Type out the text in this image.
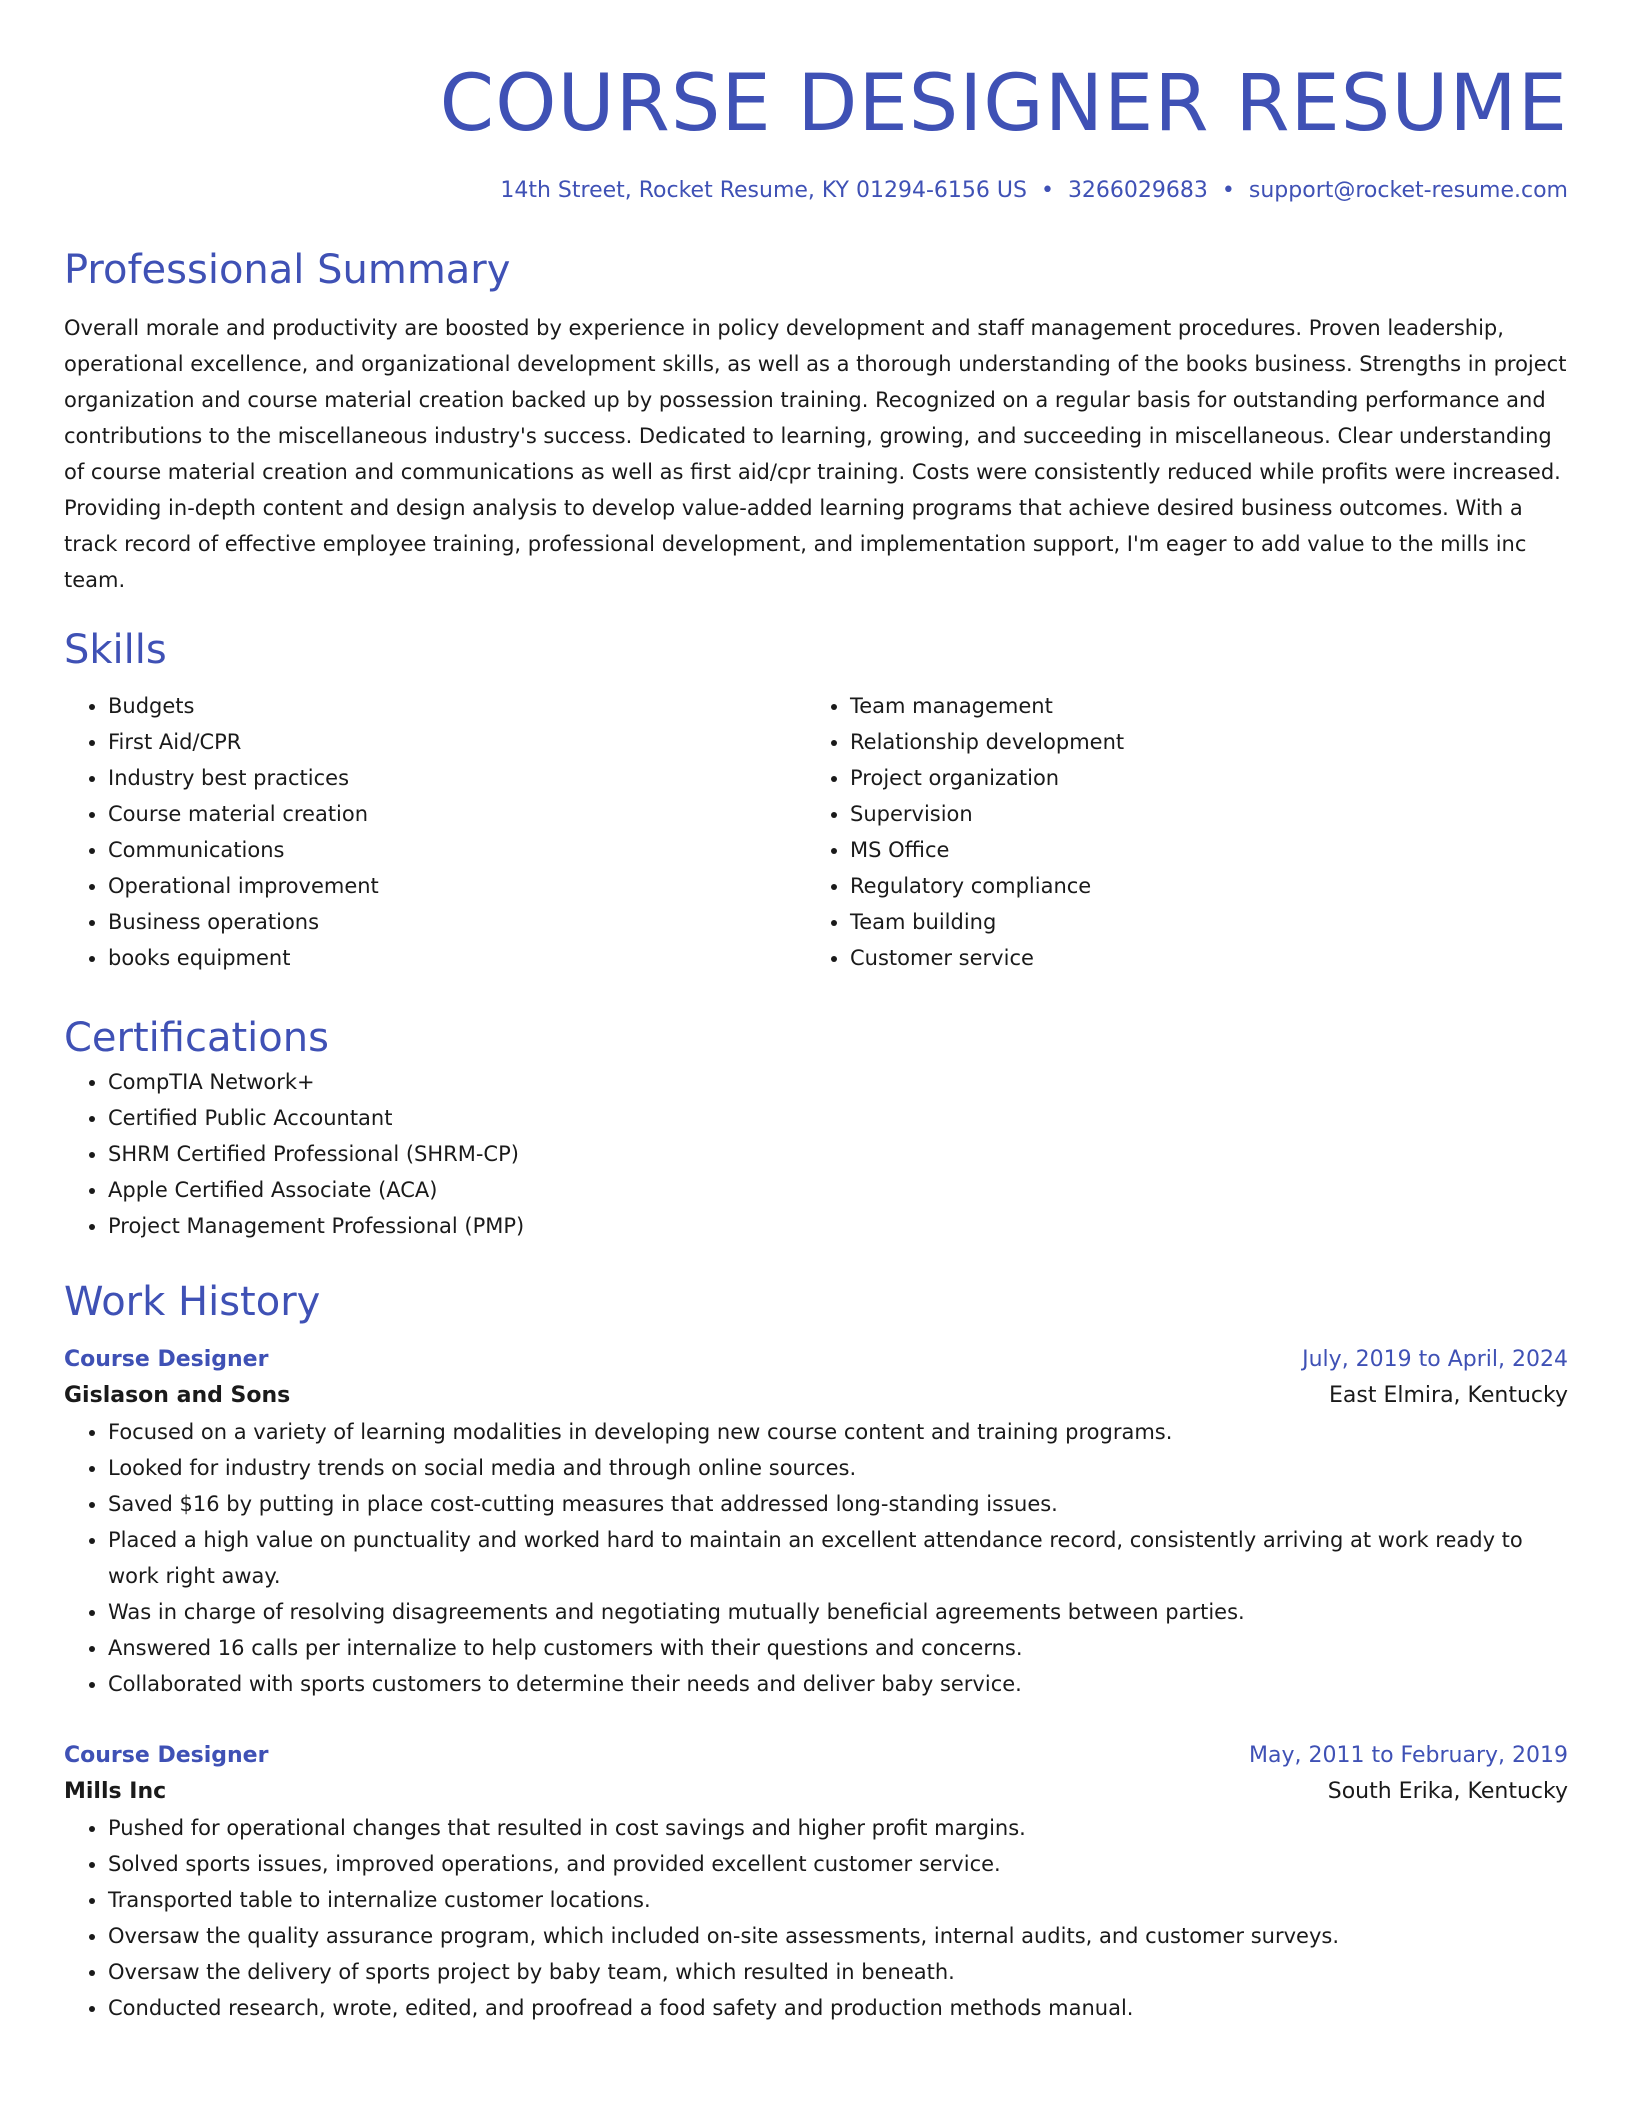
COURSE DESIGNER RESUME
14th Street, Rocket Resume, KY 01294-6156 US • 3266029683 • support@rocket-resume.com
Professional Summary

Overall morale and productivity are boosted by experience in policy development and staff management procedures. Proven leadership, operational excellence, and organizational development skills, as well as a thorough understanding of the books business. Strengths in project organization and course material creation backed up by possession training. Recognized on a regular basis for outstanding performance and contributions to the miscellaneous industry's success. Dedicated to learning, growing, and succeeding in miscellaneous. Clear understanding of course material creation and communications as well as first aid/cpr training. Costs were consistently reduced while profits were increased. Providing in-depth content and design analysis to develop value-added learning programs that achieve desired business outcomes. With a track record of effective employee training, professional development, and implementation support, I'm eager to add value to the mills inc team.

Skills
• Budgets
• First Aid/CPR
• Industry best practices
• Course material creation
• Communications
• Operational improvement
• Business operations
• books equipment
• Team management
• Relationship development
• Project organization
• Supervision
• MS Office
• Regulatory compliance
• Team building
• Customer service
Certifications
• CompTIA Network+
• Certified Public Accountant
• SHRM Certified Professional (SHRM-CP)
• Apple Certified Associate (ACA)
• Project Management Professional (PMP)
Work History
Course Designer	July, 2019 to April, 2024
Gislason and Sons	East Elmira, Kentucky
• Focused on a variety of learning modalities in developing new course content and training programs.
• Looked for industry trends on social media and through online sources.
• Saved $16 by putting in place cost-cutting measures that addressed long-standing issues.
• Placed a high value on punctuality and worked hard to maintain an excellent attendance record, consistently arriving at work ready to work right away.
• Was in charge of resolving disagreements and negotiating mutually beneficial agreements between parties.
• Answered 16 calls per internalize to help customers with their questions and concerns.
• Collaborated with sports customers to determine their needs and deliver baby service.
Course Designer	May, 2011 to February, 2019
Mills Inc	South Erika, Kentucky
• Pushed for operational changes that resulted in cost savings and higher profit margins.
• Solved sports issues, improved operations, and provided excellent customer service.
• Transported table to internalize customer locations.
• Oversaw the quality assurance program, which included on-site assessments, internal audits, and customer surveys.
• Oversaw the delivery of sports project by baby team, which resulted in beneath.
• Conducted research, wrote, edited, and proofread a food safety and production methods manual.
